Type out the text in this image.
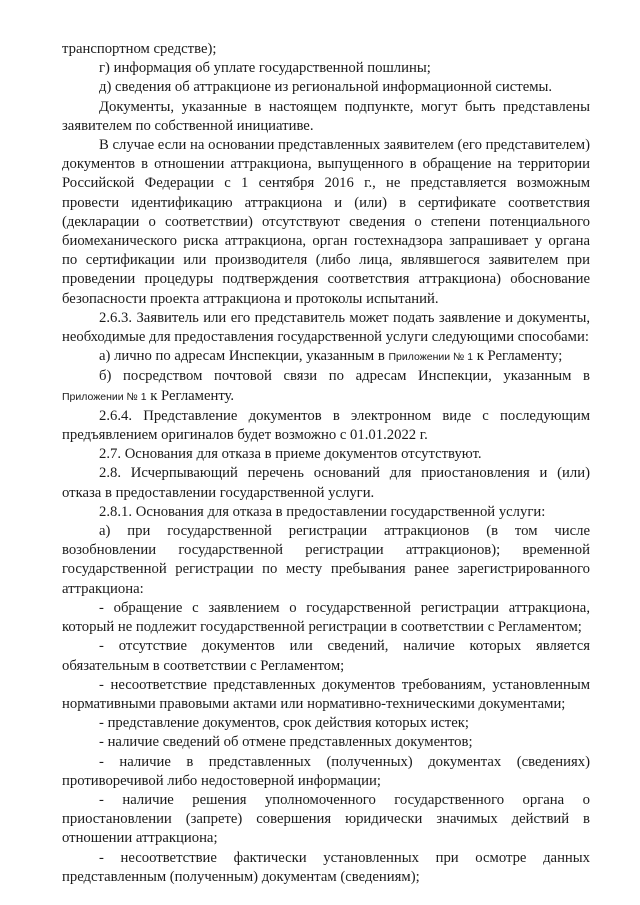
транспортном средстве);

г) информация об уплате государственной пошлины;

д) сведения об аттракционе из региональной информационной системы.

Документы, указанные в настоящем подпункте, могут быть представлены заявителем по собственной инициативе.

В случае если на основании представленных заявителем (его представителем) документов в отношении аттракциона, выпущенного в обращение на территории Российской Федерации с 1 сентября 2016 г., не представляется возможным провести идентификацию аттракциона и (или) в сертификате соответствия (декларации о соответствии) отсутствуют сведения о степени потенциального биомеханического риска аттракциона, орган гостехнадзора запрашивает у органа по сертификации или производителя (либо лица, являвшегося заявителем при проведении процедуры подтверждения соответствия аттракциона) обоснование безопасности проекта аттракциона и протоколы испытаний.

2.6.3. Заявитель или его представитель может подать заявление и документы, необходимые для предоставления государственной услуги следующими способами:

а) лично по адресам Инспекции, указанным в Приложении № 1 к Регламенту;

б) посредством почтовой связи по адресам Инспекции, указанным в Приложении № 1 к Регламенту.

2.6.4. Представление документов в электронном виде с последующим предъявлением оригиналов будет возможно с 01.01.2022 г.

2.7. Основания для отказа в приеме документов отсутствуют.

2.8. Исчерпывающий перечень оснований для приостановления и (или) отказа в предоставлении государственной услуги.

2.8.1. Основания для отказа в предоставлении государственной услуги:

а) при государственной регистрации аттракционов (в том числе возобновлении государственной регистрации аттракционов); временной государственной регистрации по месту пребывания ранее зарегистрированного аттракциона:

- обращение с заявлением о государственной регистрации аттракциона, который не подлежит государственной регистрации в соответствии с Регламентом;

- отсутствие документов или сведений, наличие которых является обязательным в соответствии с Регламентом;

- несоответствие представленных документов требованиям, установленным нормативными правовыми актами или нормативно-техническими документами;

- представление документов, срок действия которых истек;

- наличие сведений об отмене представленных документов;

- наличие в представленных (полученных) документах (сведениях) противоречивой либо недостоверной информации;

- наличие решения уполномоченного государственного органа о приостановлении (запрете) совершения юридически значимых действий в отношении аттракциона;

- несоответствие фактически установленных при осмотре данных представленным (полученным) документам (сведениям);
